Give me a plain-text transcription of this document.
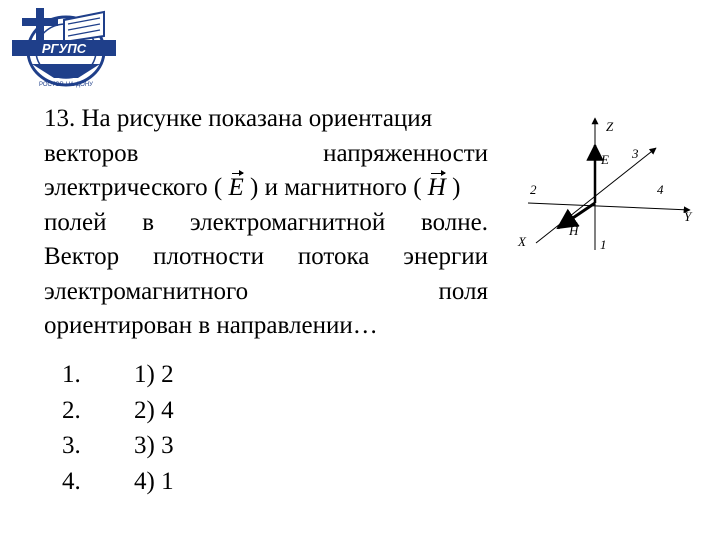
РГУПС
РОСТОВ-НА-ДОНУ
13. На рисунке показана ориентация
векторов	напряженности
электрического ( E ) и магнитного ( H )
полей в электромагнитной волне.
Вектор плотности потока энергии
электромагнитного	поля
ориентирован в направлении…
1.	1) 2
2.	2) 4
3.	3) 3
4.	4) 1
Z
E 3
2	4
Y
X
H
1
